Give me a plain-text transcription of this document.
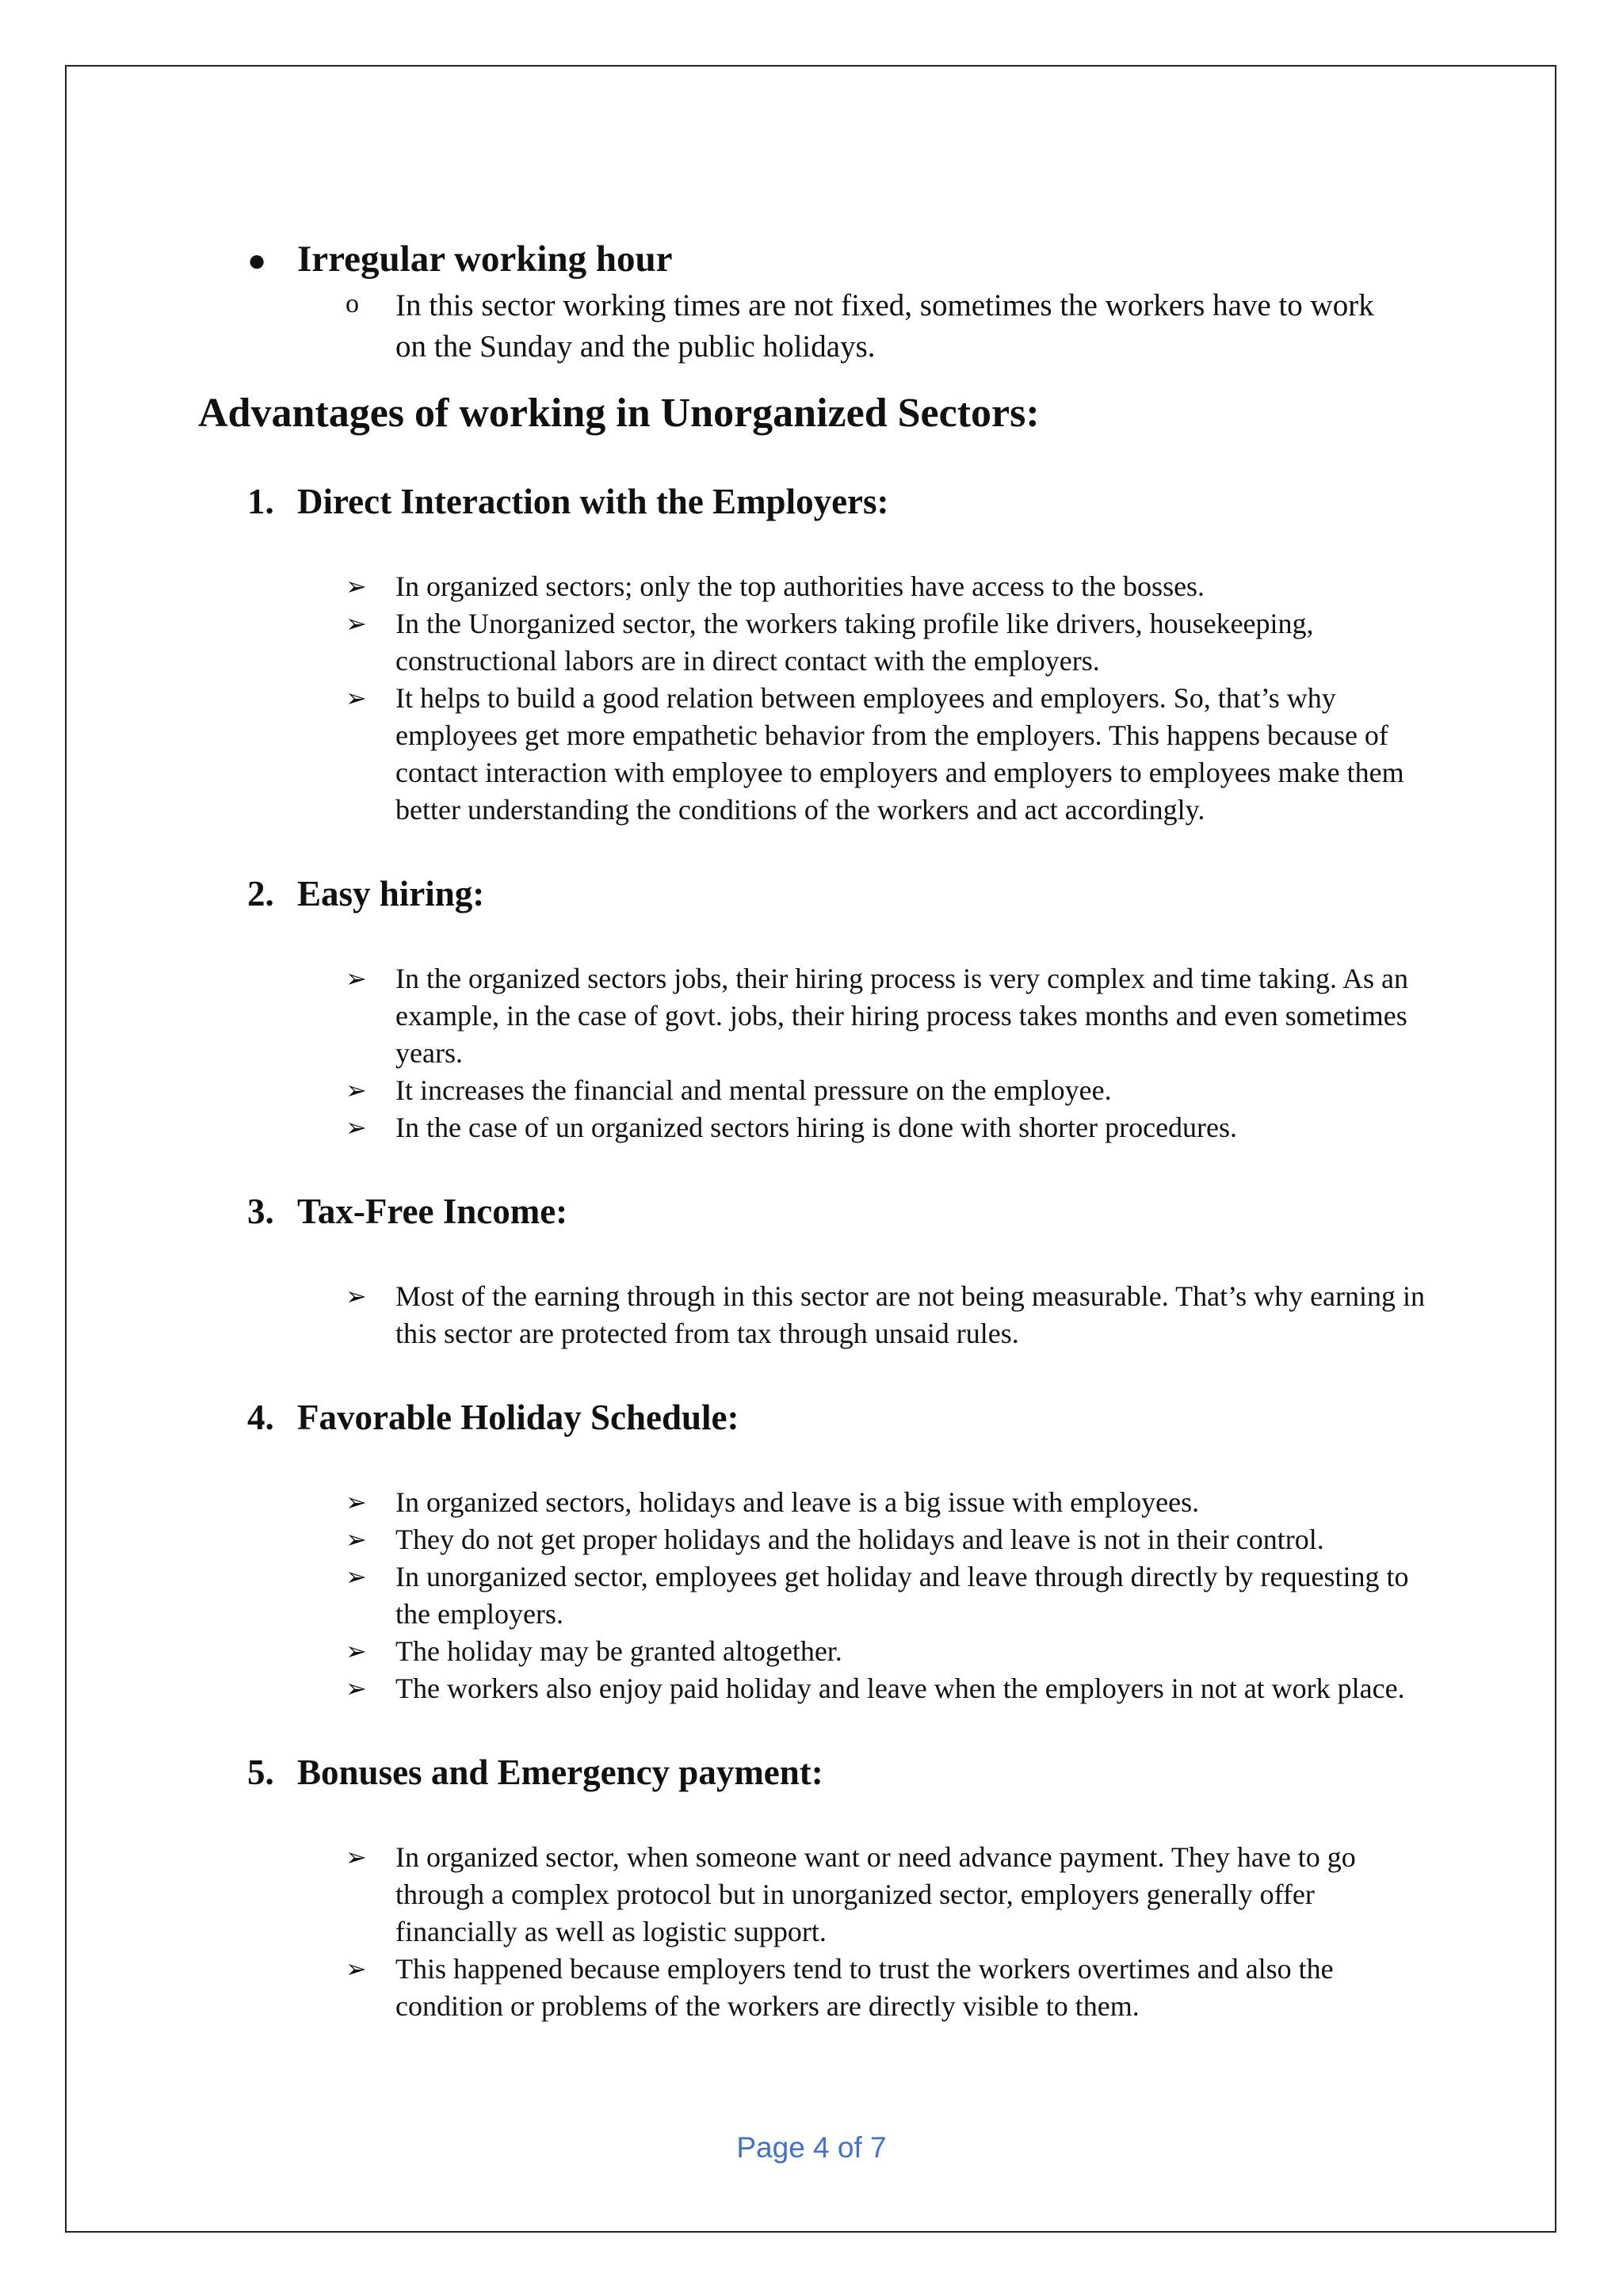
● Irregular working hour
o	In this sector working times are not fixed, sometimes the workers have to work on the Sunday and the public holidays.
Advantages of working in Unorganized Sectors:
1. Direct Interaction with the Employers:
➢	In organized sectors; only the top authorities have access to the bosses.
➢	In the Unorganized sector, the workers taking profile like drivers, housekeeping, constructional labors are in direct contact with the employers.
➢	It helps to build a good relation between employees and employers. So, that’s why employees get more empathetic behavior from the employers. This happens because of contact interaction with employee to employers and employers to employees make them better understanding the conditions of the workers and act accordingly.
2. Easy hiring:
➢	In the organized sectors jobs, their hiring process is very complex and time taking. As an example, in the case of govt. jobs, their hiring process takes months and even sometimes years.
➢	It increases the financial and mental pressure on the employee.
➢	In the case of un organized sectors hiring is done with shorter procedures.
3. Tax-Free Income:
➢	Most of the earning through in this sector are not being measurable. That’s why earning in this sector are protected from tax through unsaid rules.
4. Favorable Holiday Schedule:
➢	In organized sectors, holidays and leave is a big issue with employees.
➢	They do not get proper holidays and the holidays and leave is not in their control.
➢	In unorganized sector, employees get holiday and leave through directly by requesting to the employers.
➢	The holiday may be granted altogether.
➢	The workers also enjoy paid holiday and leave when the employers in not at work place.
5. Bonuses and Emergency payment:
➢	In organized sector, when someone want or need advance payment. They have to go through a complex protocol but in unorganized sector, employers generally offer financially as well as logistic support.
➢	This happened because employers tend to trust the workers overtimes and also the condition or problems of the workers are directly visible to them.
Page 4 of 7
